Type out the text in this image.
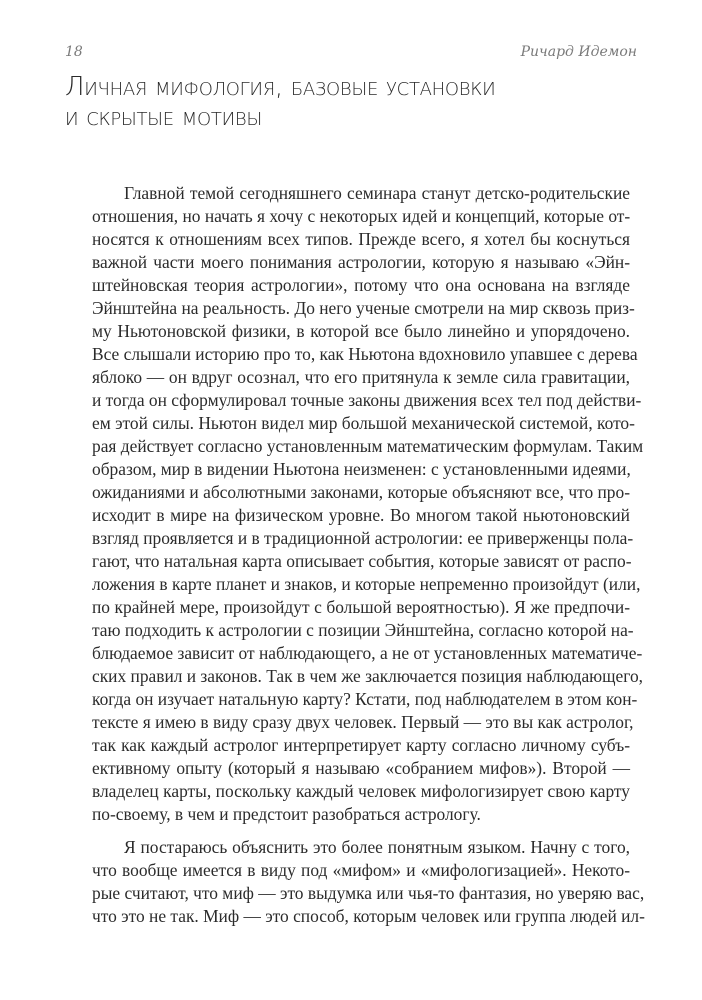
18	Ричард Идемон
Личная мифология, базовые установки
и скрытые мотивы

Главной темой сегодняшнего семинара станут детско-родительские
отношения, но начать я хочу с некоторых идей и концепций, которые от-
носятся к отношениям всех типов. Прежде всего, я хотел бы коснуться
важной части моего понимания астрологии, которую я называю «Эйн-
штейновская теория астрологии», потому что она основана на взгляде
Эйнштейна на реальность. До него ученые смотрели на мир сквозь приз-
му Ньютоновской физики, в которой все было линейно и упорядочено.
Все слышали историю про то, как Ньютона вдохновило упавшее с дерева
яблоко — он вдруг осознал, что его притянула к земле сила гравитации,
и тогда он сформулировал точные законы движения всех тел под действи-
ем этой силы. Ньютон видел мир большой механической системой, кото-
рая действует согласно установленным математическим формулам. Таким
образом, мир в видении Ньютона неизменен: с установленными идеями,
ожиданиями и абсолютными законами, которые объясняют все, что про-
исходит в мире на физическом уровне. Во многом такой ньютоновский
взгляд проявляется и в традиционной астрологии: ее приверженцы пола-
гают, что натальная карта описывает события, которые зависят от распо-
ложения в карте планет и знаков, и которые непременно произойдут (или,
по крайней мере, произойдут с большой вероятностью). Я же предпочи-
таю подходить к астрологии с позиции Эйнштейна, согласно которой на-
блюдаемое зависит от наблюдающего, а не от установленных математиче-
ских правил и законов. Так в чем же заключается позиция наблюдающего,
когда он изучает натальную карту? Кстати, под наблюдателем в этом кон-
тексте я имею в виду сразу двух человек. Первый — это вы как астролог,
так как каждый астролог интерпретирует карту согласно личному субъ-
ективному опыту (который я называю «собранием мифов»). Второй —
владелец карты, поскольку каждый человек мифологизирует свою карту
по-своему, в чем и предстоит разобраться астрологу.

Я постараюсь объяснить это более понятным языком. Начну с того,
что вообще имеется в виду под «мифом» и «мифологизацией». Некото-
рые считают, что миф — это выдумка или чья-то фантазия, но уверяю вас,
что это не так. Миф — это способ, которым человек или группа людей ил-
